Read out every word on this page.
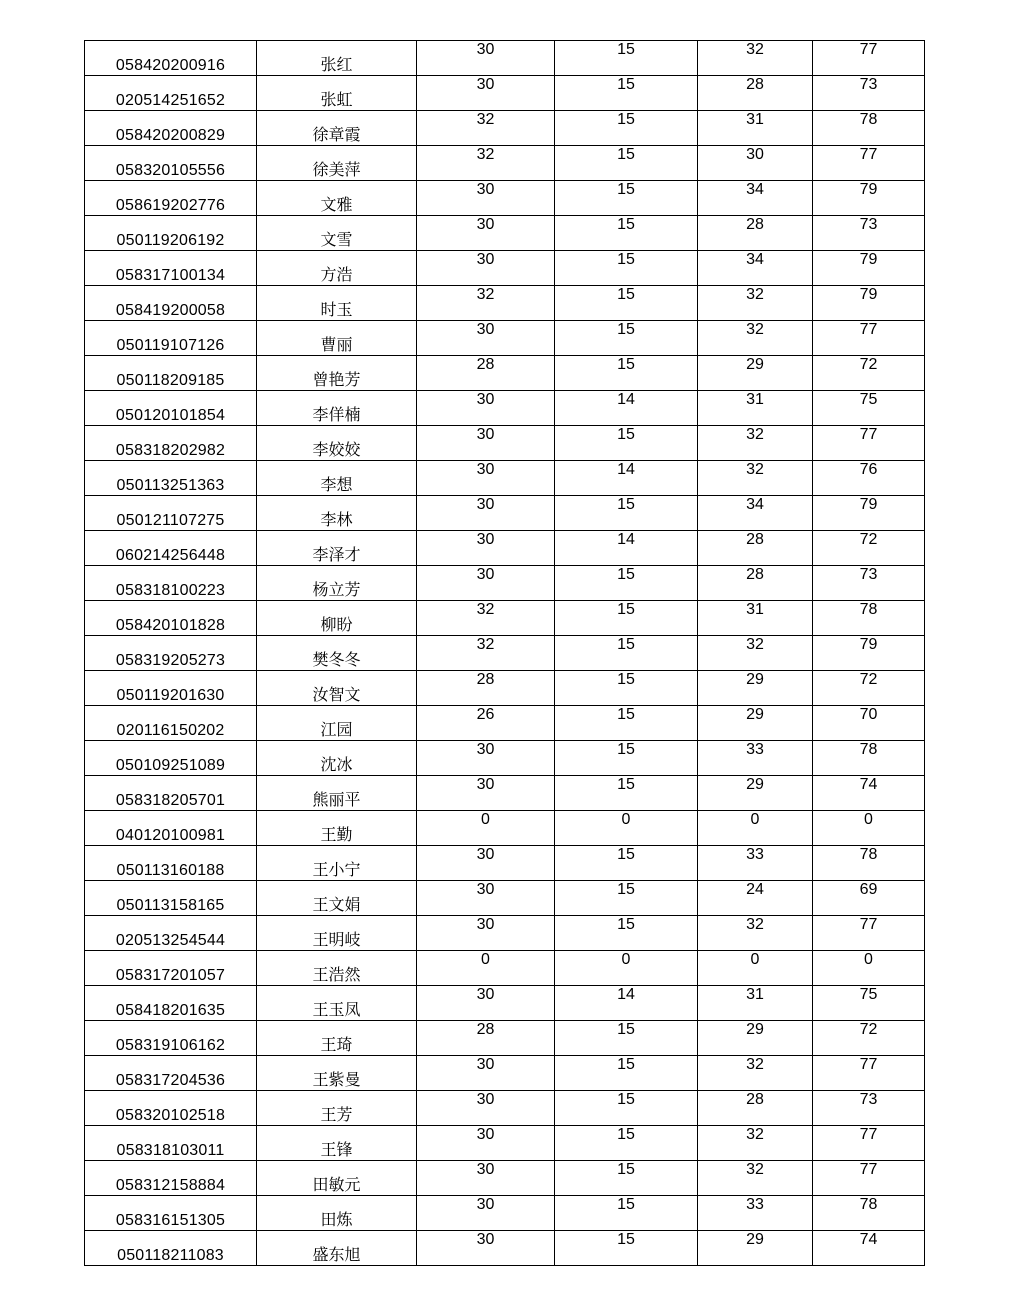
058420200916	张红	30	15	32	77
020514251652	张虹	30	15	28	73
058420200829	徐章霞	32	15	31	78
058320105556	徐美萍	32	15	30	77
058619202776	文雅	30	15	34	79
050119206192	文雪	30	15	28	73
058317100134	方浩	30	15	34	79
058419200058	时玉	32	15	32	79
050119107126	曹丽	30	15	32	77
050118209185	曾艳芳	28	15	29	72
050120101854	李佯楠	30	14	31	75
058318202982	李姣姣	30	15	32	77
050113251363	李想	30	14	32	76
050121107275	李林	30	15	34	79
060214256448	李泽才	30	14	28	72
058318100223	杨立芳	30	15	28	73
058420101828	柳盼	32	15	31	78
058319205273	樊冬冬	32	15	32	79
050119201630	汝智文	28	15	29	72
020116150202	江园	26	15	29	70
050109251089	沈冰	30	15	33	78
058318205701	熊丽平	30	15	29	74
040120100981	王勤	0	0	0	0
050113160188	王小宁	30	15	33	78
050113158165	王文娟	30	15	24	69
020513254544	王明岐	30	15	32	77
058317201057	王浩然	0	0	0	0
058418201635	王玉凤	30	14	31	75
058319106162	王琦	28	15	29	72
058317204536	王紫曼	30	15	32	77
058320102518	王芳	30	15	28	73
058318103011	王锋	30	15	32	77
058312158884	田敏元	30	15	32	77
058316151305	田炼	30	15	33	78
050118211083	盛东旭	30	15	29	74
